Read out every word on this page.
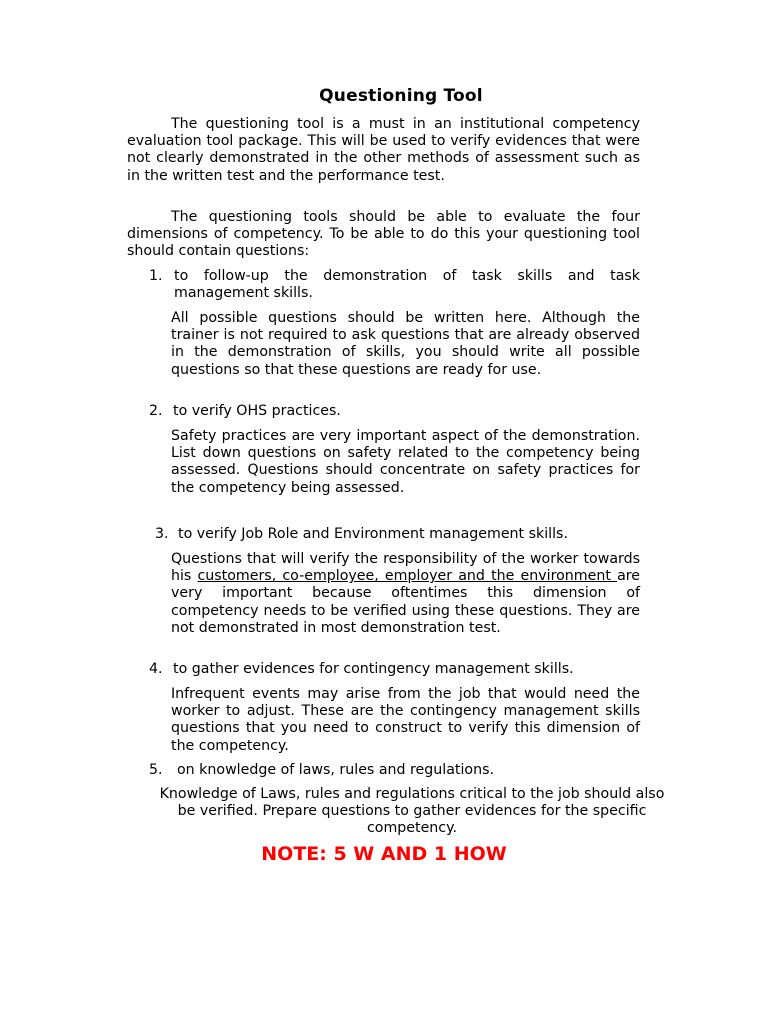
Questioning Tool
The questioning tool is a must in an institutional competency evaluation tool package. This will be used to verify evidences that were not clearly demonstrated in the other methods of assessment such as in the written test and the performance test.
The questioning tools should be able to evaluate the four dimensions of competency. To be able to do this your questioning tool should contain questions:
1. to follow-up the demonstration of task skills and task management skills.
All possible questions should be written here. Although the trainer is not required to ask questions that are already observed in the demonstration of skills, you should write all possible questions so that these questions are ready for use.
2. to verify OHS practices.
Safety practices are very important aspect of the demonstration. List down questions on safety related to the competency being assessed. Questions should concentrate on safety practices for the competency being assessed.
3. to verify Job Role and Environment management skills.
Questions that will verify the responsibility of the worker towards his customers, co-employee, employer and the environment are very important because oftentimes this dimension of competency needs to be verified using these questions. They are not demonstrated in most demonstration test.
4. to gather evidences for contingency management skills.
Infrequent events may arise from the job that would need the worker to adjust. These are the contingency management skills questions that you need to construct to verify this dimension of the competency.
5. on knowledge of laws, rules and regulations.
Knowledge of Laws, rules and regulations critical to the job should also be verified. Prepare questions to gather evidences for the specific competency.
NOTE: 5 W AND 1 HOW
